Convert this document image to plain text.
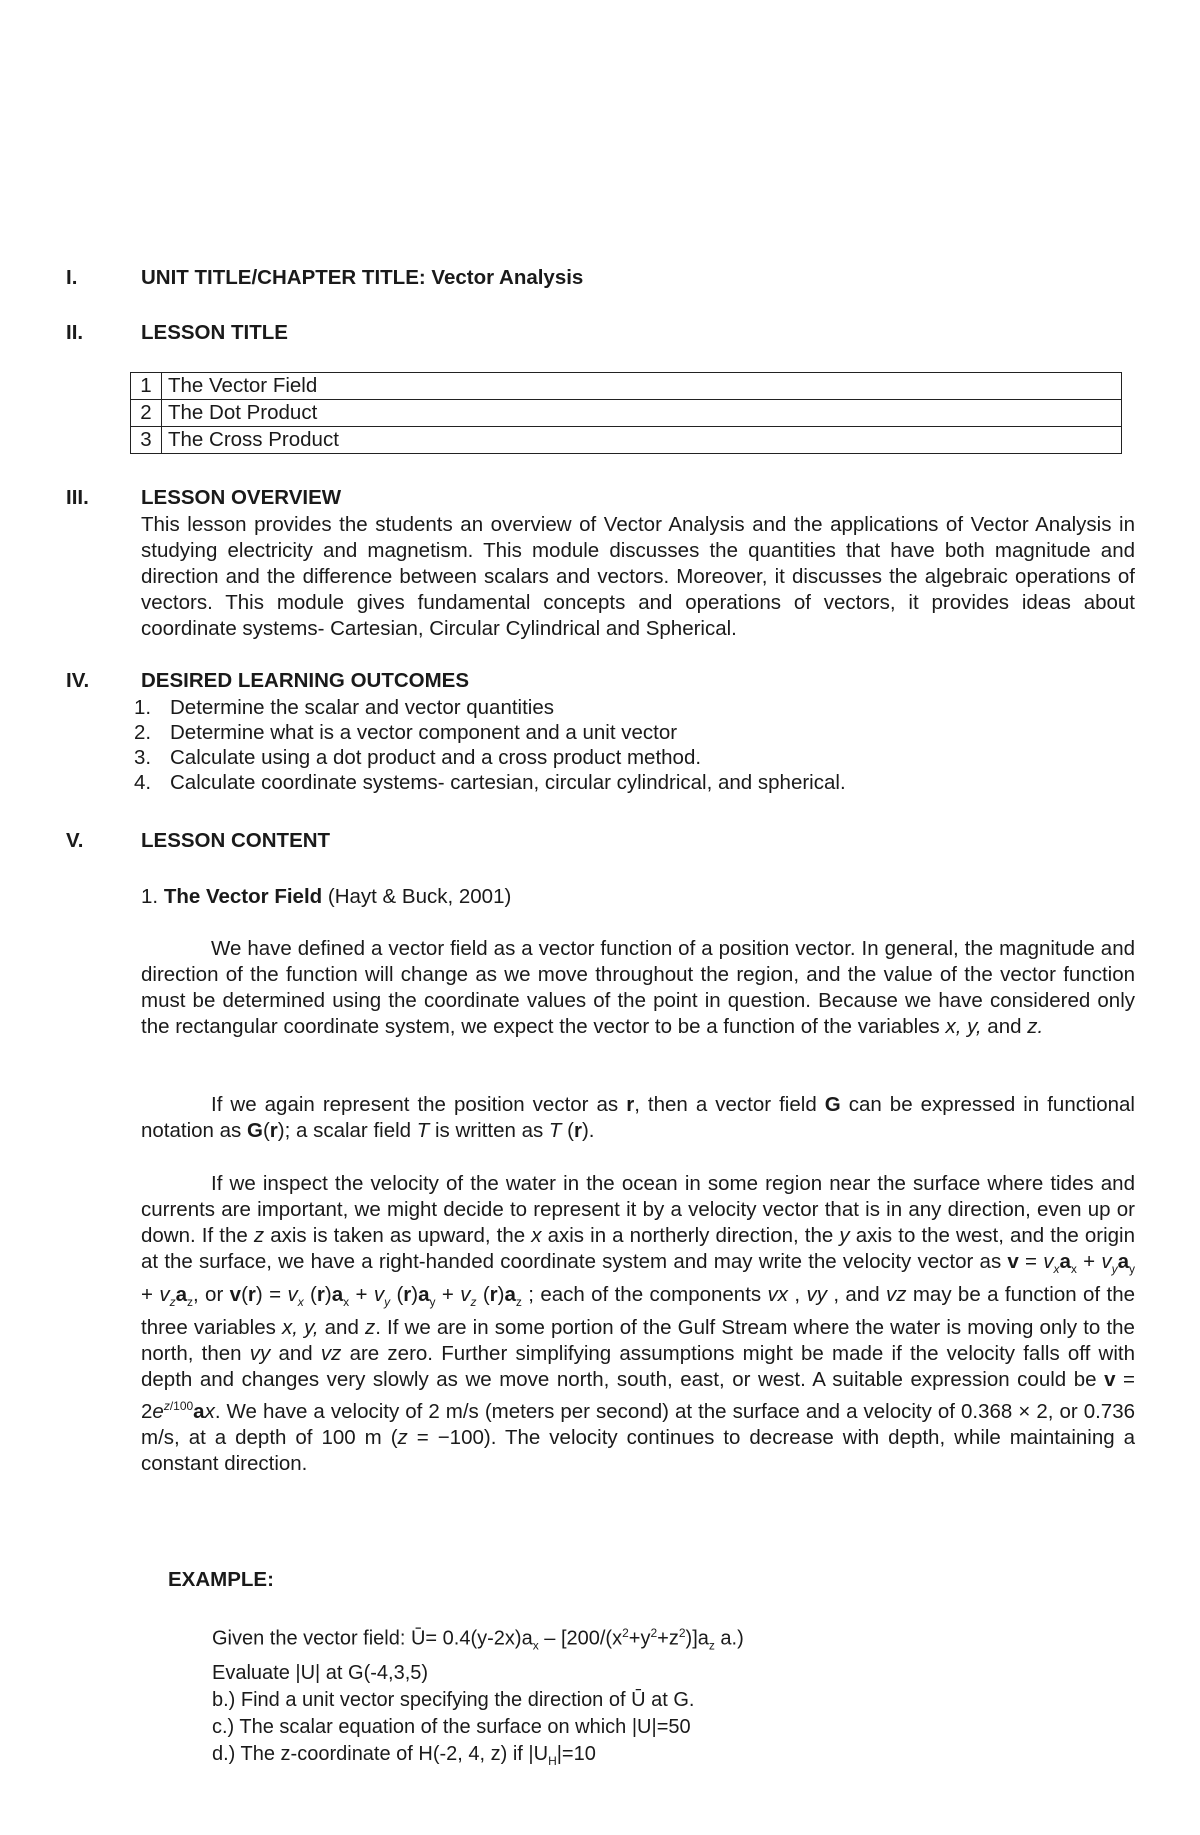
I.	UNIT TITLE/CHAPTER TITLE: Vector Analysis
II.	LESSON TITLE
1	The Vector Field
2	The Dot Product
3	The Cross Product
III.	LESSON OVERVIEW
This lesson provides the students an overview of Vector Analysis and the applications of Vector Analysis in studying electricity and magnetism. This module discusses the quantities that have both magnitude and direction and the difference between scalars and vectors. Moreover, it discusses the algebraic operations of vectors. This module gives fundamental concepts and operations of vectors, it provides ideas about coordinate systems- Cartesian, Circular Cylindrical and Spherical.
IV.	DESIRED LEARNING OUTCOMES
1. Determine the scalar and vector quantities
2. Determine what is a vector component and a unit vector
3. Calculate using a dot product and a cross product method.
4. Calculate coordinate systems- cartesian, circular cylindrical, and spherical.
V.	LESSON CONTENT
1. The Vector Field (Hayt & Buck, 2001)
We have defined a vector field as a vector function of a position vector. In general, the magnitude and direction of the function will change as we move throughout the region, and the value of the vector function must be determined using the coordinate values of the point in question. Because we have considered only the rectangular coordinate system, we expect the vector to be a function of the variables x, y, and z.
If we again represent the position vector as r, then a vector field G can be expressed in functional notation as G(r); a scalar field T is written as T (r).
If we inspect the velocity of the water in the ocean in some region near the surface where tides and currents are important, we might decide to represent it by a velocity vector that is in any direction, even up or down. If the z axis is taken as upward, the x axis in a northerly direction, the y axis to the west, and the origin at the surface, we have a right-handed coordinate system and may write the velocity vector as $v = v_xa_x + v_ya_y + v_za_z$, or $v(r) = v_x$ $(r)a_x + v_y$ $(r)a_y + v_z$ $(r)a_z$ ; each of the components vx , vy , and vz may be a function of the three variables x, y, and z. If we are in some portion of the Gulf Stream where the water is moving only to the north, then vy and vz are zero. Further simplifying assumptions might be made if the velocity falls off with depth and changes very slowly as we move north, south, east, or west. A suitable expression could be $v = 2e^{z/100}ax$. We have a velocity of 2 m/s (meters per second) at the surface and a velocity of 0.368 × 2, or 0.736 m/s, at a depth of 100 m (z = −100). The velocity continues to decrease with depth, while maintaining a constant direction.
EXAMPLE:
Given the vector field: Ū= $0.4(y-2x)a_x - [200/(x^2+y^2+z^2)]a_z$ a.)
Evaluate |U| at G(-4,3,5)
b.) Find a unit vector specifying the direction of Ū at G.
c.) The scalar equation of the surface on which |U|=50
d.) The z-coordinate of H(-2, 4, z) if $|U_H|=10$
